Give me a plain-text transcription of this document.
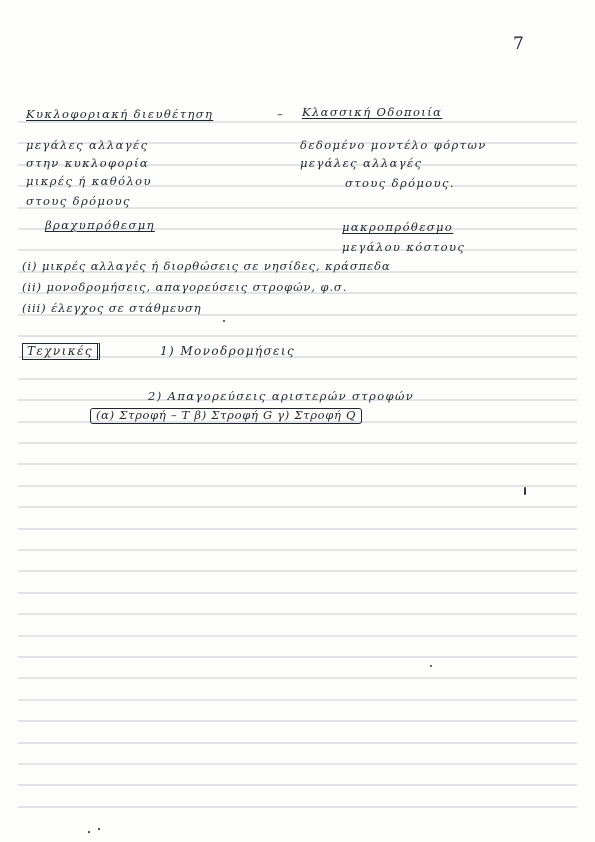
7
Κυκλοφοριακή διευθέτηση	– Κλασσική Οδοποιία
μεγάλες αλλαγές	δεδομένο μοντέλο φόρτων
στην κυκλοφορία	μεγάλες αλλαγές
μικρές ή καθόλου	στους δρόμους.
στους δρόμους
βραχυπρόθεσμη	μακροπρόθεσμο
μεγάλου κόστους
(i) μικρές αλλαγές ή διορθώσεις σε νησίδες, κράσπεδα
(ii) μονοδρομήσεις, απαγορεύσεις στροφών, φ.σ.
(iii) έλεγχος σε στάθμευση
Τεχνικές	1) Μονοδρομήσεις
2) Απαγορεύσεις αριστερών στροφών
(α) Στροφή – Τ β) Στροφή G γ) Στροφή Q
